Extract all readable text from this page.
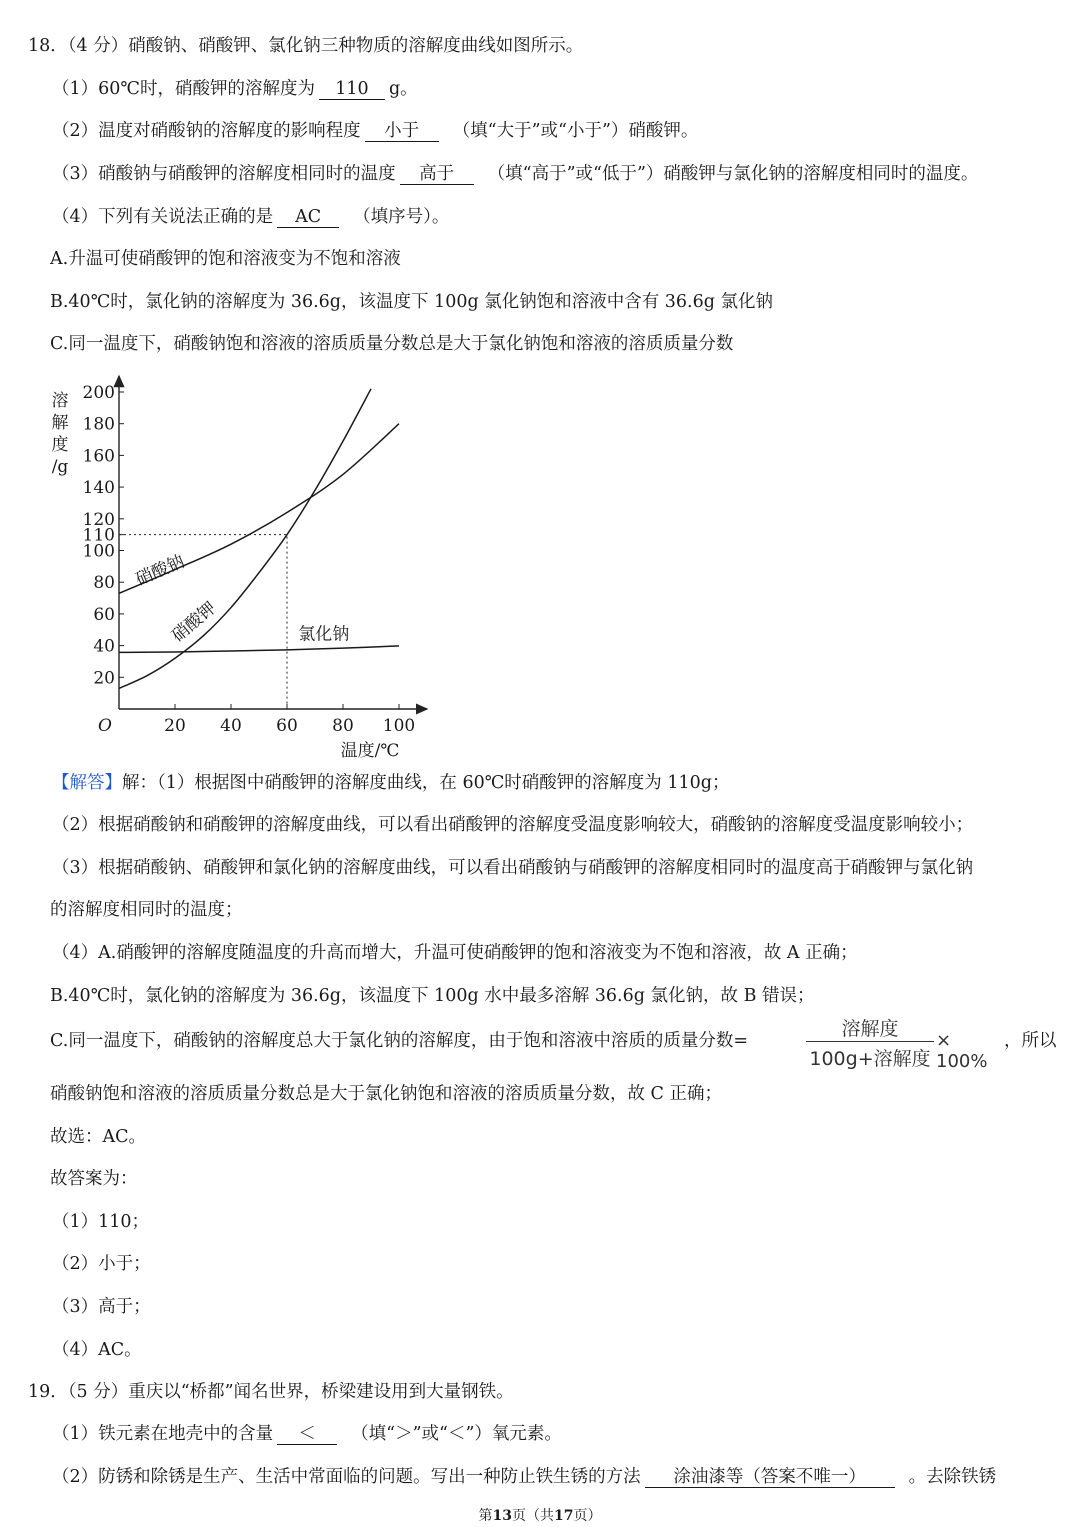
18．（4 分）硝酸钠、硝酸钾、氯化钠三种物质的溶解度曲线如图所示。
（1）60℃时，硝酸钾的溶解度为 110 g。
（2）温度对硝酸钠的溶解度的影响程度 小于 （填“大于”或“小于”）硝酸钾。
（3）硝酸钠与硝酸钾的溶解度相同时的温度 高于 （填“高于”或“低于”）硝酸钾与氯化钠的溶解度相同时的温度。
（4）下列有关说法正确的是 AC （填序号）。
A.升温可使硝酸钾的饱和溶液变为不饱和溶液
B.40℃时，氯化钠的溶解度为 36.6g，该温度下 100g 氯化钠饱和溶液中含有 36.6g 氯化钠
C.同一温度下，硝酸钠饱和溶液的溶质质量分数总是大于氯化钠饱和溶液的溶质质量分数
20 40 60 80 100
20
40
60
80
100
110
120
140
160
180
200
O
溶
解
度
/g
温度/℃
硝酸钠
硝酸钾	氯化钠
【解答】解：（1）根据图中硝酸钾的溶解度曲线，在 60℃时硝酸钾的溶解度为 110g；
（2）根据硝酸钠和硝酸钾的溶解度曲线，可以看出硝酸钾的溶解度受温度影响较大，硝酸钠的溶解度受温度影响较小；
（3）根据硝酸钠、硝酸钾和氯化钠的溶解度曲线，可以看出硝酸钠与硝酸钾的溶解度相同时的温度高于硝酸钾与氯化钠
的溶解度相同时的温度；
（4）A.硝酸钾的溶解度随温度的升高而增大，升温可使硝酸钾的饱和溶液变为不饱和溶液，故 A 正确；
B.40℃时，氯化钠的溶解度为 36.6g，该温度下 100g 水中最多溶解 36.6g 氯化钠，故 B 错误；
C.同一温度下，硝酸钠的溶解度总大于氯化钠的溶解度，由于饱和溶液中溶质的质量分数=
溶解度
100g+溶解度
× 100%
，所以
硝酸钠饱和溶液的溶质质量分数总是大于氯化钠饱和溶液的溶质质量分数，故 C 正确；
故选：AC。
故答案为：
（1）110；
（2）小于；
（3）高于；
（4）AC。
19．（5 分）重庆以“桥都”闻名世界，桥梁建设用到大量钢铁。
（1）铁元素在地壳中的含量 ＜ （填“＞”或“＜”）氧元素。
（2）防锈和除锈是生产、生活中常面临的问题。写出一种防止铁生锈的方法 涂油漆等（答案不唯一） 。去除铁锈
第13页（共17页）
